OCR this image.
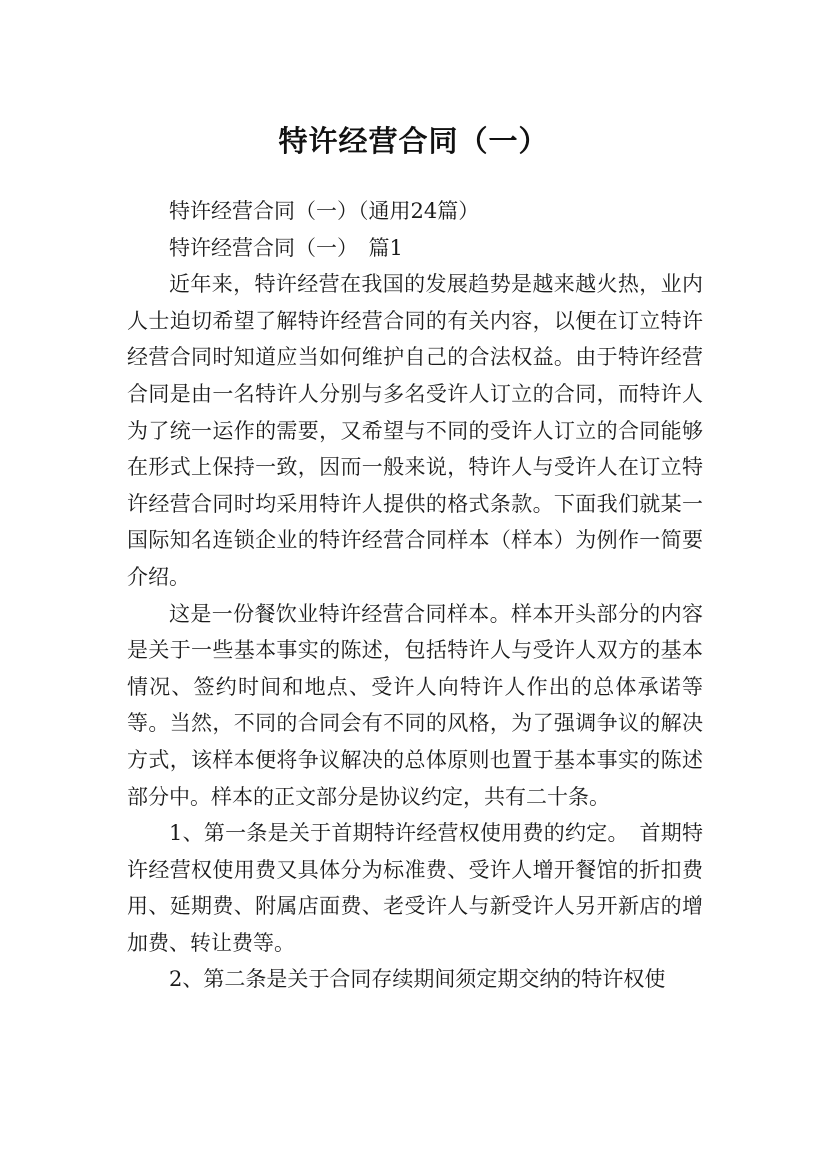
特许经营合同（一）

特许经营合同（一）（通用24篇）

特许经营合同（一）　篇1

近年来，特许经营在我国的发展趋势是越来越火热，业内人士迫切希望了解特许经营合同的有关内容，以便在订立特许经营合同时知道应当如何维护自己的合法权益。由于特许经营合同是由一名特许人分别与多名受许人订立的合同，而特许人为了统一运作的需要，又希望与不同的受许人订立的合同能够在形式上保持一致，因而一般来说，特许人与受许人在订立特许经营合同时均采用特许人提供的格式条款。下面我们就某一国际知名连锁企业的特许经营合同样本（样本）为例作一简要介绍。

这是一份餐饮业特许经营合同样本。样本开头部分的内容是关于一些基本事实的陈述，包括特许人与受许人双方的基本情况、签约时间和地点、受许人向特许人作出的总体承诺等等。当然，不同的合同会有不同的风格，为了强调争议的解决方式，该样本便将争议解决的总体原则也置于基本事实的陈述部分中。样本的正文部分是协议约定，共有二十条。

1、第一条是关于首期特许经营权使用费的约定。　首期特许经营权使用费又具体分为标准费、受许人增开餐馆的折扣费用、延期费、附属店面费、老受许人与新受许人另开新店的增加费、转让费等。

2、第二条是关于合同存续期间须定期交纳的特许权使
